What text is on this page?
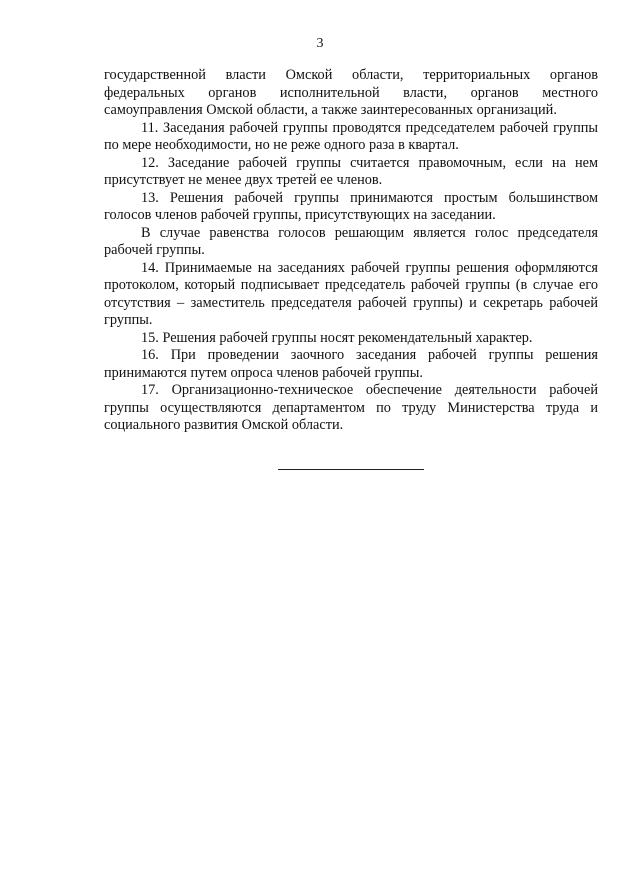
3

государственной власти Омской области, территориальных органов федеральных органов исполнительной власти, органов местного самоуправления Омской области, а также заинтересованных организаций.

11. Заседания рабочей группы проводятся председателем рабочей группы по мере необходимости, но не реже одного раза в квартал.

12. Заседание рабочей группы считается правомочным, если на нем присутствует не менее двух третей ее членов.

13. Решения рабочей группы принимаются простым большинством голосов членов рабочей группы, присутствующих на заседании.

В случае равенства голосов решающим является голос председателя рабочей группы.

14. Принимаемые на заседаниях рабочей группы решения оформляются протоколом, который подписывает председатель рабочей группы (в случае его отсутствия – заместитель председателя рабочей группы) и секретарь рабочей группы.

15. Решения рабочей группы носят рекомендательный характер.

16. При проведении заочного заседания рабочей группы решения принимаются путем опроса членов рабочей группы.

17. Организационно-техническое обеспечение деятельности рабочей группы осуществляются департаментом по труду Министерства труда и социального развития Омской области.
